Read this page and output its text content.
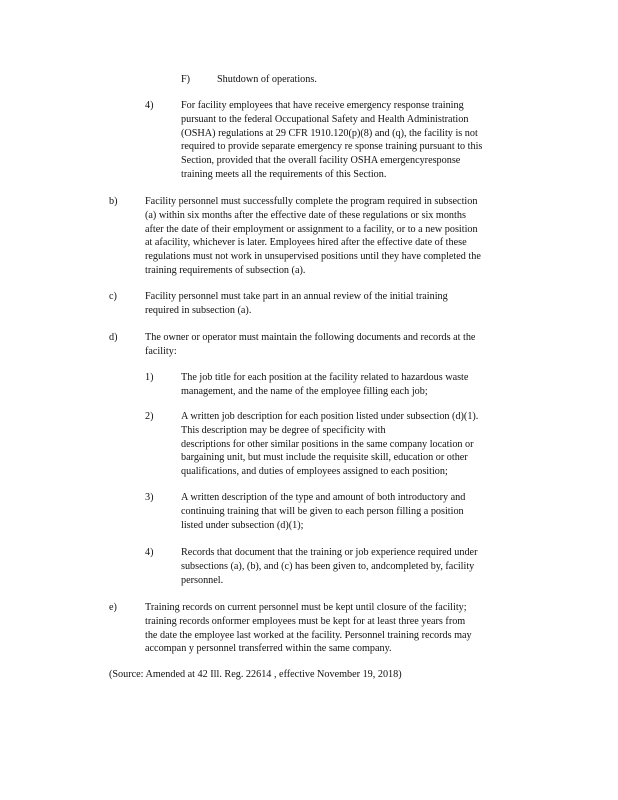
F)	Shutdown of operations.
4)	For facility employees that have receive emergency response training
pursuant to the federal Occupational Safety and Health Administration
(OSHA) regulations at 29 CFR 1910.120(p)(8) and (q), the facility is not
required to provide separate emergency re sponse training pursuant to this
Section, provided that the overall facility OSHA emergencyresponse
training meets all the requirements of this Section.
b)	Facility personnel must successfully complete the program required in subsection
(a) within six months after the effective date of these regulations or six months
after the date of their employment or assignment to a facility, or to a new position
at afacility, whichever is later. Employees hired after the effective date of these
regulations must not work in unsupervised positions until they have completed the
training requirements of subsection (a).
c)	Facility personnel must take part in an annual review of the initial training
required in subsection (a).
d)	The owner or operator must maintain the following documents and records at the
facility:
1)	The job title for each position at the facility related to hazardous waste
management, and the name of the employee filling each job;
2)	A written job description for each position listed under subsection (d)(1).
This description may be degree of specificity with
descriptions for other similar positions in the same company location or
bargaining unit, but must include the requisite skill, education or other
qualifications, and duties of employees assigned to each position;
3)	A written description of the type and amount of both introductory and
continuing training that will be given to each person filling a position
listed under subsection (d)(1);
4)	Records that document that the training or job experience required under
subsections (a), (b), and (c) has been given to, andcompleted by, facility
personnel.
e)	Training records on current personnel must be kept until closure of the facility;
training records onformer employees must be kept for at least three years from
the date the employee last worked at the facility. Personnel training records may
accompan y personnel transferred within the same company.
(Source: Amended at 42 Ill. Reg. 22614 , effective November 19, 2018)
